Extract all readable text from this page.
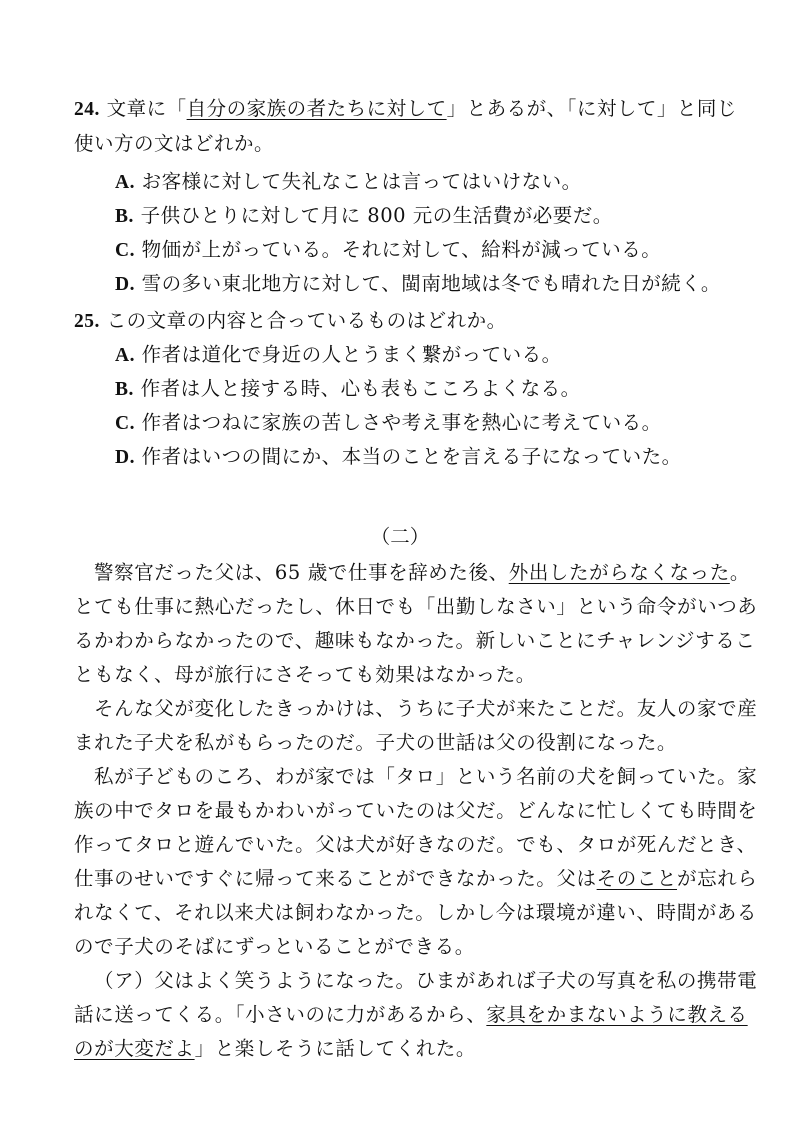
24. 文章に「自分の家族の者たちに対して」とあるが、「に対して」と同じ
使い方の文はどれか。
A. お客様に対して失礼なことは言ってはいけない。
B. 子供ひとりに対して月に 800 元の生活費が必要だ。
C. 物価が上がっている。それに対して、給料が減っている。
D. 雪の多い東北地方に対して、閩南地域は冬でも晴れた日が続く。
25. この文章の内容と合っているものはどれか。
A. 作者は道化で身近の人とうまく繋がっている。
B. 作者は人と接する時、心も表もこころよくなる。
C. 作者はつねに家族の苦しさや考え事を熱心に考えている。
D. 作者はいつの間にか、本当のことを言える子になっていた。
（二）

警察官だった父は、65 歳で仕事を辞めた後、外出したがらなくなった。

とても仕事に熱心だったし、休日でも「出勤しなさい」という命令がいつあ

るかわからなかったので、趣味もなかった。新しいことにチャレンジするこ

ともなく、母が旅行にさそっても効果はなかった。

そんな父が変化したきっかけは、うちに子犬が来たことだ。友人の家で産

まれた子犬を私がもらったのだ。子犬の世話は父の役割になった。

私が子どものころ、わが家では「タロ」という名前の犬を飼っていた。家

族の中でタロを最もかわいがっていたのは父だ。どんなに忙しくても時間を

作ってタロと遊んでいた。父は犬が好きなのだ。でも、タロが死んだとき、

仕事のせいですぐに帰って来ることができなかった。父はそのことが忘れら

れなくて、それ以来犬は飼わなかった。しかし今は環境が違い、時間がある

ので子犬のそばにずっといることができる。

（ア）父はよく笑うようになった。ひまがあれば子犬の写真を私の携帯電

話に送ってくる。「小さいのに力があるから、家具をかまないように教える

のが大変だよ」と楽しそうに話してくれた。
